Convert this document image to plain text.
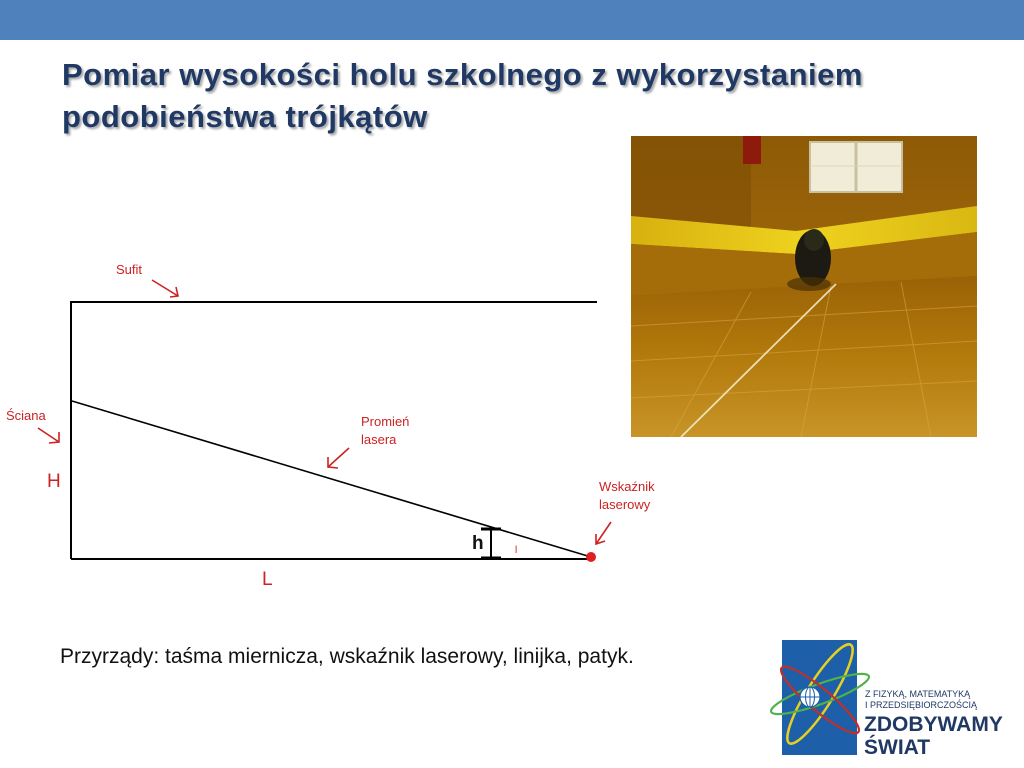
Pomiar wysokości holu szkolnego z wykorzystaniem
podobieństwa trójkątów
Sufit
Ściana	Promień
lasera
Wskaźnik
laserowy
H
h	l
L
Przyrządy: taśma miernicza, wskaźnik laserowy, linijka, patyk.
Z FIZYKĄ, MATEMATYKĄ
I PRZEDSIĘBIORCZOŚCIĄ
ZDOBYWAMY
ŚWIAT
